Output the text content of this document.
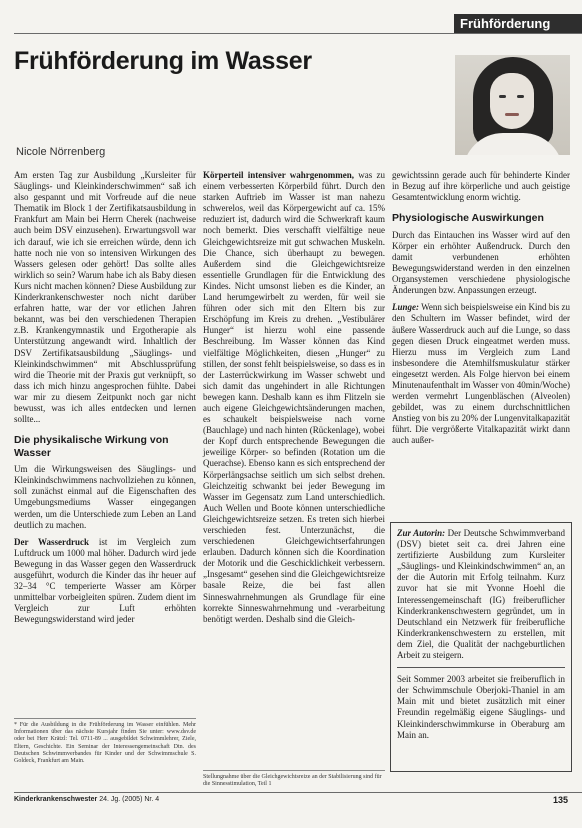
Frühförderung
Frühförderung im Wasser
Nicole Nörrenberg

Am ersten Tag zur Ausbildung „Kursleiter für Säuglings- und Kleinkinderschwimmen“ saß ich also gespannt und mit Vorfreude auf die neue Thematik im Block 1 der Zertifikatsausbildung in Frankfurt am Main bei Herrn Cherek (nachweise auch beim DSV einzusehen). Erwartungsvoll war ich darauf, wie ich sie erreichen würde, denn ich hatte noch nie von so intensiven Wirkungen des Wassers gelesen oder gehört! Das sollte alles wirklich so sein? Warum habe ich als Baby diesen Kurs nicht machen können? Diese Ausbildung zur Kinderkrankenschwester noch nicht darüber erfahren hatte, war der vor etlichen Jahren bekannt, was bei den verschiedenen Therapien z.B. Krankengymnastik und Ergotherapie als Unterstützung angewandt wird. Inhaltlich der DSV Zertifikatsausbildung „Säuglings- und Kleinkindschwimmen“ mit Abschlussprüfung wird die Theorie mit der Praxis gut verknüpft, so dass ich mich hinzu angesprochen fühlte. Dabei war mir zu diesem Zeitpunkt noch gar nicht bewusst, was ich alles entdecken und lernen sollte...

Die physikalische Wirkung von Wasser

Um die Wirkungsweisen des Säuglings- und Kleinkindschwimmens nachvollziehen zu können, soll zunächst einmal auf die Eigenschaften des Umgebungsmediums Wasser eingegangen werden, um die Unterschiede zum Leben an Land deutlich zu machen.

Der Wasserdruck ist im Vergleich zum Luftdruck um 1000 mal höher. Dadurch wird jede Bewegung in das Wasser gegen den Wasserdruck ausgeführt, wodurch die Kinder das ihr heuer auf 32–34 °C temperierte Wasser am Körper unmittelbar vorbeigleiten spüren. Zudem dient im Vergleich zur Luft erhöhten Bewegungswiderstand wird jeder

* Für die Ausbildung in die Frühförderung im Wasser einfühlen. Mehr Informationen über das nächste Kursjahr finden Sie unter: www.dsv.de oder bei Herr Krätzl: Tel. 0711-89 ... ausgebildet Schwimmlehrer, Ziele, Eltern, Geschichte. Ein Seminar der Interessengemeinschaft Dtn. des Deutschen Schwimmverbandes für Kinder und der Schwimmschule S. Goldeck, Frankfurt am Main.

Körperteil intensiver wahrgenommen, was zu einem verbesserten Körperbild führt. Durch den starken Auftrieb im Wasser ist man nahezu schwerelos, weil das Körpergewicht auf ca. 15% reduziert ist, dadurch wird die Schwerkraft kaum noch bemerkt. Dies verschafft vielfältige neue Gleichgewichtsreize mit gut schwachen Muskeln. Die Chance, sich überhaupt zu bewegen. Außerdem sind die Gleichgewichtsreize essentielle Grundlagen für die Entwicklung des Kindes. Nicht umsonst lieben es die Kinder, an Land herumgewirbelt zu werden, für weil sie führen oder sich mit den Eltern bis zur Erschöpfung im Kreis zu drehen. „Vestibulärer Hunger“ ist hierzu wohl eine passende Beschreibung. Im Wasser können das Kind vielfältige Möglichkeiten, diesen „Hunger“ zu stillen, der sonst fehlt beispielsweise, so dass es in der Lasterrückwirkung im Wasser schwebt und sich damit das ungehindert in alle Richtungen bewegen kann. Deshalb kann es ihm Flitzeln sie auch eigene Gleichgewichtsänderungen machen, es schaukelt beispielsweise nach vorne (Bauchlage) und nach hinten (Rückenlage), wobei der Kopf durch entsprechende Bewegungen die jeweilige Körper- so befinden (Rotation um die Querachse). Ebenso kann es sich entsprechend der Körperlängsachse seitlich um sich selbst drehen. Gleichzeitig schwankt bei jeder Bewegung im Wasser im Gegensatz zum Land unterschiedlich. Auch Wellen und Boote können unterschiedliche Gleichgewichtsreize setzen. Es treten sich hierbei verschieden fest. Unterzunächst, die verschiedenen Gleichgewichtserfahrungen erlauben. Dadurch können sich die Koordination der Motorik und die Geschicklichkeit verbessern. „Insgesamt“ gesehen sind die Gleichgewichtsreize basale Reize, die bei fast allen Sinneswahrnehmungen als Grundlage für eine korrekte Sinneswahrnehmung und -verarbeitung benötigt werden. Deshalb sind die Gleich-

Stellungnahme über die Gleichgewichtsreize an der Stabilisierung sind für die Sinnesstimulation, Teil 1

gewichtssinn gerade auch für behinderte Kinder in Bezug auf ihre körperliche und auch geistige Gesamtentwicklung enorm wichtig.

Physiologische Auswirkungen

Durch das Eintauchen ins Wasser wird auf den Körper ein erhöhter Außendruck. Durch den damit verbundenen erhöhten Bewegungswiderstand werden in den einzelnen Organsystemen verschiedene physiologische Änderungen bzw. Anpassungen erzeugt.

Lunge: Wenn sich beispielsweise ein Kind bis zu den Schultern im Wasser befindet, wird der äußere Wasserdruck auch auf die Lunge, so dass gegen diesen Druck eingeatmet werden muss. Hierzu muss im Vergleich zum Land insbesondere die Atemhilfsmuskulatur stärker eingesetzt werden. Als Folge hiervon bei einem Minutenaufenthalt im Wasser von 40min/Woche) werden vermehrt Lungenbläschen (Alveolen) gebildet, was zu einem durchschnittlichen Anstieg von bis zu 20% der Lungenvitalkapazität führt. Die vergrößerte Vitalkapazität wirkt dann auch außer-

Zur Autorin: Der Deutsche Schwimmverband (DSV) bietet seit ca. drei Jahren eine zertifizierte Ausbildung zum Kursleiter „Säuglings- und Kleinkindschwimmen“ an, an der die Autorin mit Erfolg teilnahm. Kurz zuvor hat sie mit Yvonne Hoehl die Interessengemeinschaft (IG) freiberuflicher Kinderkrankenschwestern gegründet, um in Deutschland ein Netzwerk für freiberufliche Kinderkrankenschwestern zu erstellen, mit dem Ziel, die Qualität der nachgeburtlichen Arbeit zu steigern.

Seit Sommer 2003 arbeitet sie freiberuflich in der Schwimmschule Oberjoki-Thaniel in am Main mit und bietet zusätzlich mit einer Freundin regelmäßig eigene Säuglings- und Kleinkinderschwimmkurse in Oberaburg am Main an.

Kinderkrankenschwester 24. Jg. (2005) Nr. 4	135
